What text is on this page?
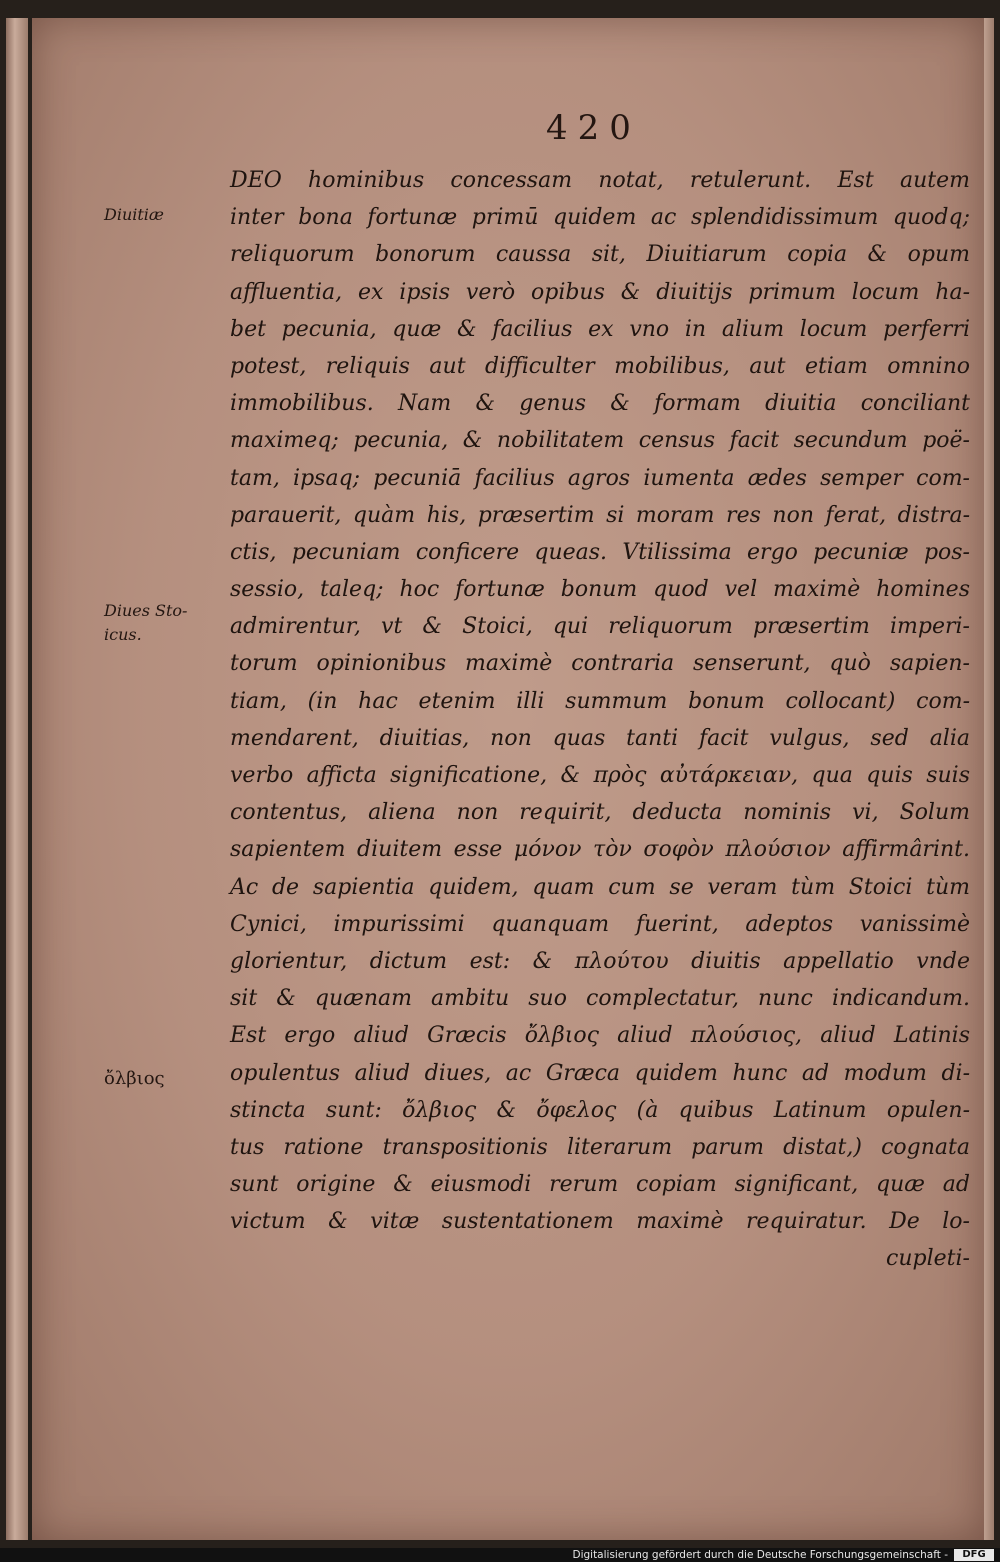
420
Diuitiæ
Diues Sto-
icus.
ὄλβιος
DEO hominibus concessam notat, retulerunt. Est autem
inter bona fortunæ primū quidem ac splendidissimum quodq;
reliquorum bonorum caussa sit, Diuitiarum copia & opum
affluentia, ex ipsis verò opibus & diuitijs primum locum ha-
bet pecunia, quæ & facilius ex vno in alium locum perferri
potest, reliquis aut difficulter mobilibus, aut etiam omnino
immobilibus. Nam & genus & formam diuitia conciliant
maximeq; pecunia, & nobilitatem census facit secundum poë-
tam, ipsaq; pecuniā facilius agros iumenta ædes semper com-
parauerit, quàm his, præsertim si moram res non ferat, distra-
ctis, pecuniam conficere queas. Vtilissima ergo pecuniæ pos-
sessio, taleq; hoc fortunæ bonum quod vel maximè homines
admirentur, vt & Stoici, qui reliquorum præsertim imperi-
torum opinionibus maximè contraria senserunt, quò sapien-
tiam, (in hac etenim illi summum bonum collocant) com-
mendarent, diuitias, non quas tanti facit vulgus, sed alia
verbo afficta significatione, & πρὸς αὐτάρκειαν, qua quis suis
contentus, aliena non requirit, deducta nominis vi, Solum
sapientem diuitem esse μόνον τὸν σοφὸν πλούσιον affirmârint.
Ac de sapientia quidem, quam cum se veram tùm Stoici tùm
Cynici, impurissimi quanquam fuerint, adeptos vanissimè
glorientur, dictum est: & πλούτου diuitis appellatio vnde
sit & quænam ambitu suo complectatur, nunc indicandum.
Est ergo aliud Græcis ὄλβιος aliud πλούσιος, aliud Latinis
opulentus aliud diues, ac Græca quidem hunc ad modum di-
stincta sunt: ὄλβιος & ὄφελος (à quibus Latinum opulen-
tus ratione transpositionis literarum parum distat,) cognata
sunt origine & eiusmodi rerum copiam significant, quæ ad
victum & vitæ sustentationem maximè requiratur. De lo-
cupleti-
Digitalisierung gefördert durch die Deutsche Forschungsgemeinschaft -	DFG
